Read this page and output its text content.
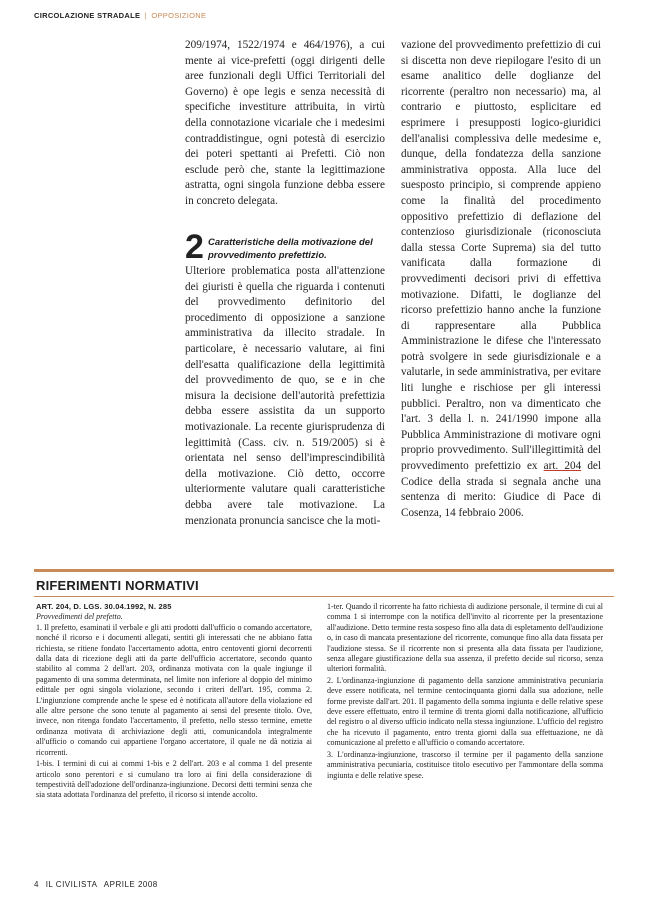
CIRCOLAZIONE STRADALE | OPPOSIZIONE

209/1974, 1522/1974 e 464/1976), a cui mente ai vice-prefetti (oggi dirigenti delle aree funzionali degli Uffici Territoriali del Governo) è ope legis e senza necessità di specifiche investiture attribuita, in virtù della connotazione vicariale che i medesimi contraddistingue, ogni potestà di esercizio dei poteri spettanti ai Prefetti. Ciò non esclude però che, stante la legittimazione astratta, ogni singola funzione debba essere in concreto delegata.

2 Caratteristiche della motivazione del provvedimento prefettizio.

Ulteriore problematica posta all'attenzione dei giuristi è quella che riguarda i contenuti del provvedimento definitorio del procedimento di opposizione a sanzione amministrativa da illecito stradale. In particolare, è necessario valutare, ai fini dell'esatta qualificazione della legittimità del provvedimento de quo, se e in che misura la decisione dell'autorità prefettizia debba essere assistita da un supporto motivazionale. La recente giurisprudenza di legittimità (Cass. civ. n. 519/2005) si è orientata nel senso dell'imprescindibilità della motivazione. Ciò detto, occorre ulteriormente valutare quali caratteristiche debba avere tale motivazione. La menzionata pronuncia sancisce che la moti-

vazione del provvedimento prefettizio di cui si discetta non deve riepilogare l'esito di un esame analitico delle doglianze del ricorrente (peraltro non necessario) ma, al contrario e piuttosto, esplicitare ed esprimere i presupposti logico-giuridici dell'analisi complessiva delle medesime e, dunque, della fondatezza della sanzione amministrativa opposta. Alla luce del suesposto principio, si comprende appieno come la finalità del procedimento oppositivo prefettizio di deflazione del contenzioso giurisdizionale (riconosciuta dalla stessa Corte Suprema) sia del tutto vanificata dalla formazione di provvedimenti decisori privi di effettiva motivazione. Difatti, le doglianze del ricorso prefettizio hanno anche la funzione di rappresentare alla Pubblica Amministrazione le difese che l'interessato potrà svolgere in sede giurisdizionale e a valutarle, in sede amministrativa, per evitare liti lunghe e rischiose per gli interessi pubblici. Peraltro, non va dimenticato che l'art. 3 della l. n. 241/1990 impone alla Pubblica Amministrazione di motivare ogni proprio provvedimento. Sull'illegittimità del provvedimento prefettizio ex art. 204 del Codice della strada si segnala anche una sentenza di merito: Giudice di Pace di Cosenza, 14 febbraio 2006.

RIFERIMENTI NORMATIVI
ART. 204, D. LGS. 30.04.1992, N. 285
Provvedimenti del prefetto.

1. Il prefetto, esaminati il verbale e gli atti prodotti dall'ufficio o comando accertatore, nonché il ricorso e i documenti allegati, sentiti gli interessati che ne abbiano fatta richiesta, se ritiene fondato l'accertamento adotta, entro centoventi giorni decorrenti dalla data di ricezione degli atti da parte dell'ufficio accertatore, secondo quanto stabilito al comma 2 dell'art. 203, ordinanza motivata con la quale ingiunge il pagamento di una somma determinata, nel limite non inferiore al doppio del minimo edittale per ogni singola violazione, secondo i criteri dell'art. 195, comma 2. L'ingiunzione comprende anche le spese ed è notificata all'autore della violazione ed alle altre persone che sono tenute al pagamento ai sensi del presente titolo. Ove, invece, non ritenga fondato l'accertamento, il prefetto, nello stesso termine, emette ordinanza motivata di archiviazione degli atti, comunicandola integralmente all'ufficio o comando cui appartiene l'organo accertatore, il quale ne dà notizia ai ricorrenti.

1-bis. I termini di cui ai commi 1-bis e 2 dell'art. 203 e al comma 1 del presente articolo sono perentori e si cumulano tra loro ai fini della considerazione di tempestività dell'adozione dell'ordinanza-ingiunzione. Decorsi detti termini senza che sia stata adottata l'ordinanza del prefetto, il ricorso si intende accolto.

1-ter. Quando il ricorrente ha fatto richiesta di audizione personale, il termine di cui al comma 1 si interrompe con la notifica dell'invito al ricorrente per la presentazione all'audizione. Detto termine resta sospeso fino alla data di espletamento dell'audizione o, in caso di mancata presentazione del ricorrente, comunque fino alla data fissata per l'audizione stessa. Se il ricorrente non si presenta alla data fissata per l'audizione, senza allegare giustificazione della sua assenza, il prefetto decide sul ricorso, senza ulteriori formalità.

2. L'ordinanza-ingiunzione di pagamento della sanzione amministrativa pecuniaria deve essere notificata, nel termine centocinquanta giorni dalla sua adozione, nelle forme previste dall'art. 201. Il pagamento della somma ingiunta e delle relative spese deve essere effettuato, entro il termine di trenta giorni dalla notificazione, all'ufficio del registro o al diverso ufficio indicato nella stessa ingiunzione. L'ufficio del registro che ha ricevuto il pagamento, entro trenta giorni dalla sua effettuazione, ne dà comunicazione al prefetto e all'ufficio o comando accertatore.

3. L'ordinanza-ingiunzione, trascorso il termine per il pagamento della sanzione amministrativa pecuniaria, costituisce titolo esecutivo per l'ammontare della somma ingiunta e delle relative spese.

4 IL CIVILISTA APRILE 2008
